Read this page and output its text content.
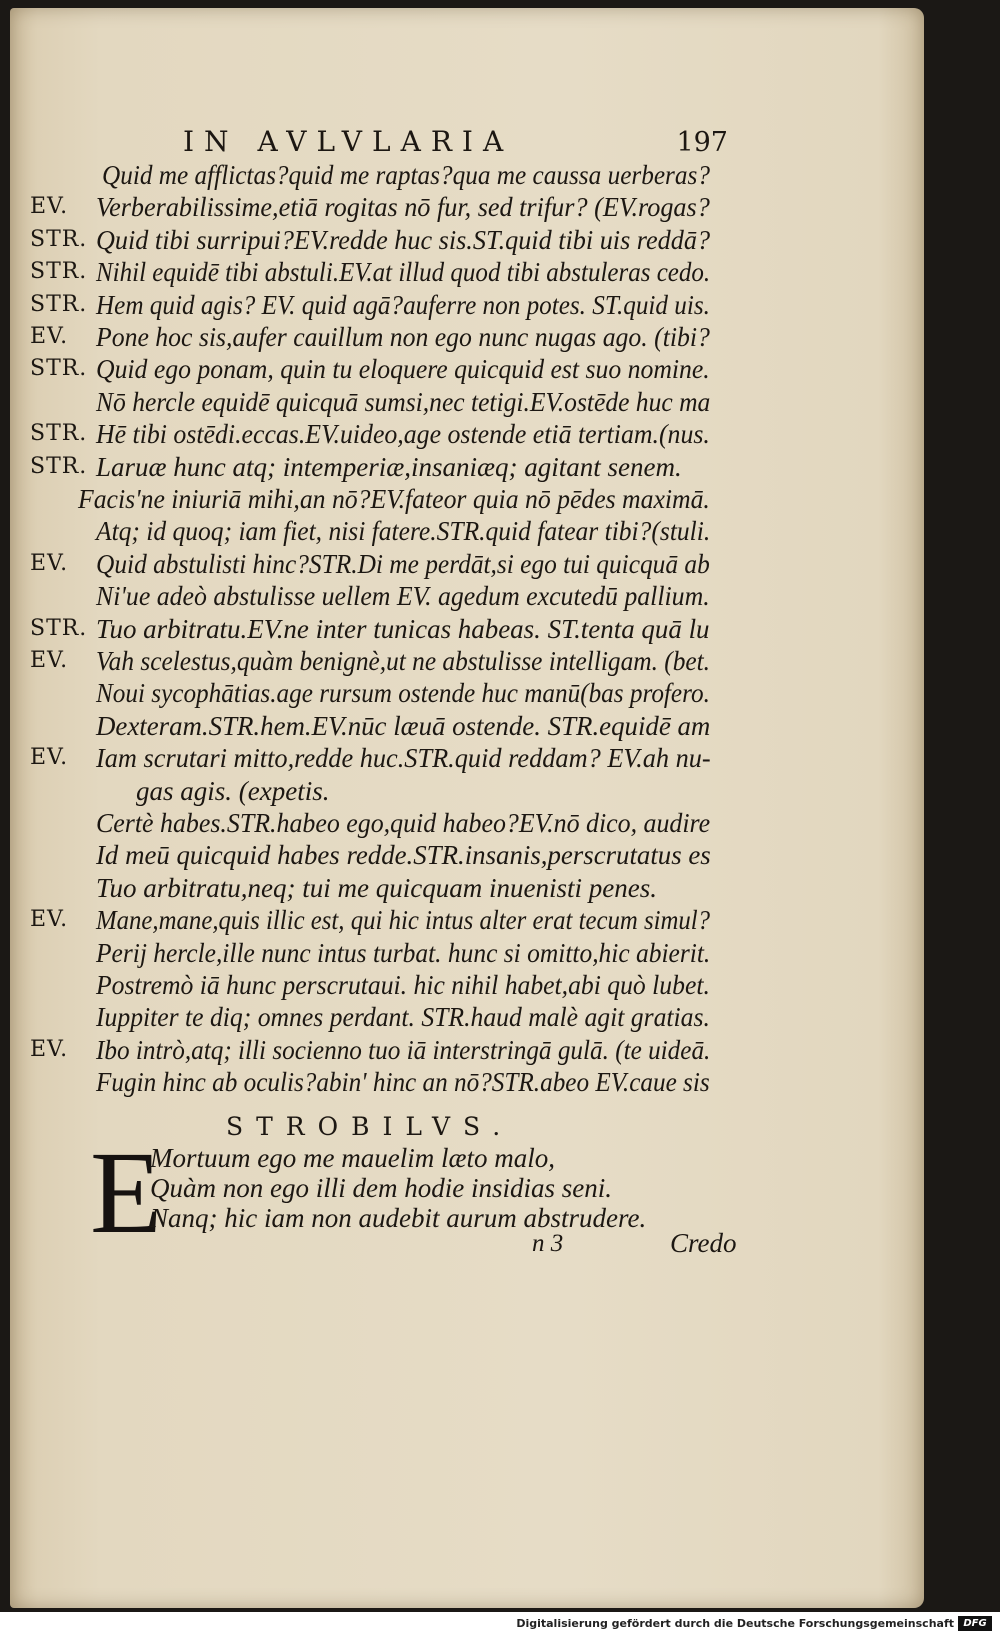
IN AVLVLARIA	197
Quid me afflictas?quid me raptas?qua me caussa uerberas?
EV.	Verberabilissime,etiā rogitas nō fur, sed trifur? (EV.rogas?
STR. Quid tibi surripui?EV.redde huc sis.ST.quid tibi uis reddā?
STR. Nihil equidē tibi abstuli.EV.at illud quod tibi abstuleras cedo.
STR. Hem quid agis? EV. quid agā?auferre non potes. ST.quid uis.
EV.	Pone hoc sis,aufer cauillum non ego nunc nugas ago. (tibi?
STR. Quid ego ponam, quin tu eloquere quicquid est suo nomine.
Nō hercle equidē quicquā sumsi,nec tetigi.EV.ostēde huc ma
STR. Hē tibi ostēdi.eccas.EV.uideo,age ostende etiā tertiam.(nus.
STR. Laruæ hunc atq; intemperiæ,insaniæq; agitant senem.
Facis'ne iniuriā mihi,an nō?EV.fateor quia nō pēdes maximā.
Atq; id quoq; iam fiet, nisi fatere.STR.quid fatear tibi?(stuli.
EV.	Quid abstulisti hinc?STR.Di me perdāt,si ego tui quicquā ab
Ni'ue adeò abstulisse uellem EV. agedum excutedū pallium.
STR. Tuo arbitratu.EV.ne inter tunicas habeas. ST.tenta quā lu
EV.	Vah scelestus,quàm benignè,ut ne abstulisse intelligam. (bet.
Noui sycophātias.age rursum ostende huc manū(bas profero.
Dexteram.STR.hem.EV.nūc læuā ostende. STR.equidē am
EV.	Iam scrutari mitto,redde huc.STR.quid reddam? EV.ah nu-
gas agis. (expetis.
Certè habes.STR.habeo ego,quid habeo?EV.nō dico, audire
Id meū quicquid habes redde.STR.insanis,perscrutatus es
Tuo arbitratu,neq; tui me quicquam inuenisti penes.
EV.	Mane,mane,quis illic est, qui hic intus alter erat tecum simul?
Perij hercle,ille nunc intus turbat. hunc si omitto,hic abierit.
Postremò iā hunc perscrutaui. hic nihil habet,abi quò lubet.
Iuppiter te diq; omnes perdant. STR.haud malè agit gratias.
EV.	Ibo intrò,atq; illi socienno tuo iā interstringā gulā. (te uideā.
Fugin hinc ab oculis?abin' hinc an nō?STR.abeo EV.caue sis
STROBILVS.
E
Mortuum ego me mauelim læto malo,
Quàm non ego illi dem hodie insidias seni.
Nanq; hic iam non audebit aurum abstrudere.
n 3	Credo
Digitalisierung gefördert durch die Deutsche Forschungsgemeinschaft DFG
